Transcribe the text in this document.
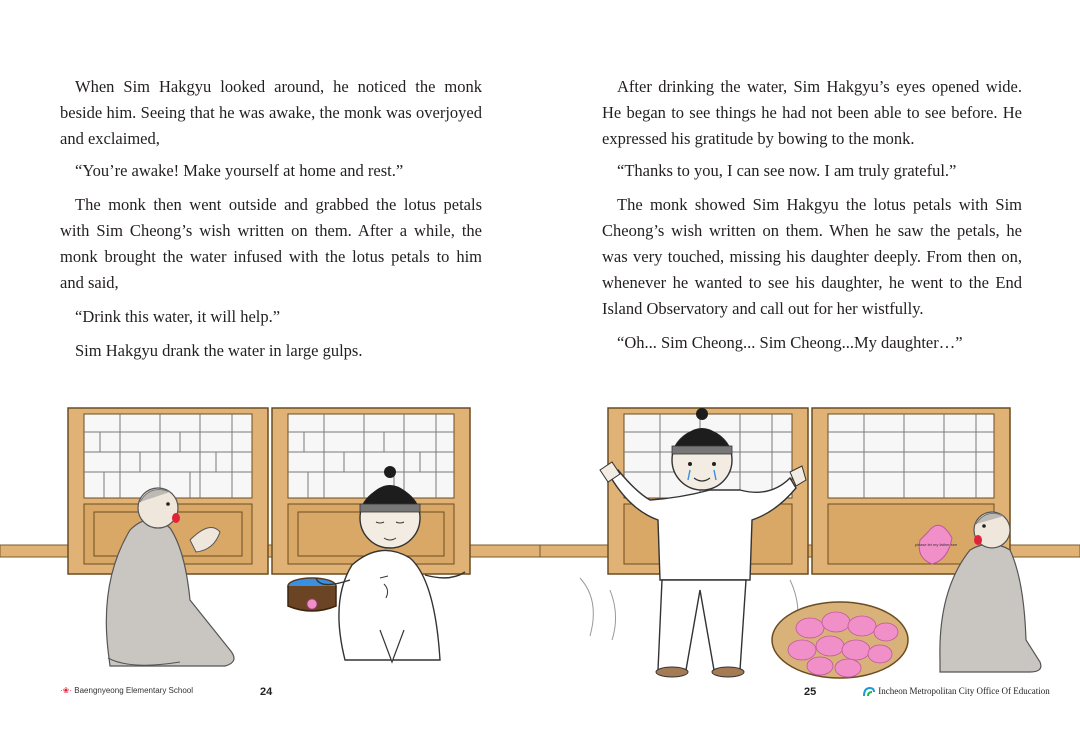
When Sim Hakgyu looked around, he noticed the monk beside him. Seeing that he was awake, the monk was overjoyed and exclaimed,

“You’re awake! Make yourself at home and rest.”

The monk then went outside and grabbed the lotus petals with Sim Cheong’s wish written on them. After a while, the monk brought the water infused with the lotus petals to him and said,

“Drink this water, it will help.”

Sim Hakgyu drank the water in large gulps.

·❀· Baengnyeong Elementary School	24

After drinking the water, Sim Hakgyu’s eyes opened wide. He began to see things he had not been able to see before. He expressed his gratitude by bowing to the monk.

“Thanks to you, I can see now. I am truly grateful.”

The monk showed Sim Hakgyu the lotus petals with Sim Cheong’s wish written on them. When he saw the petals, he was very touched, missing his daughter deeply. From then on, whenever he wanted to see his daughter, he went to the End Island Observatory and call out for her wistfully.

“Oh... Sim Cheong... Sim Cheong...My daughter…”

please let my father see
25	Incheon Metropolitan City Office Of Education
